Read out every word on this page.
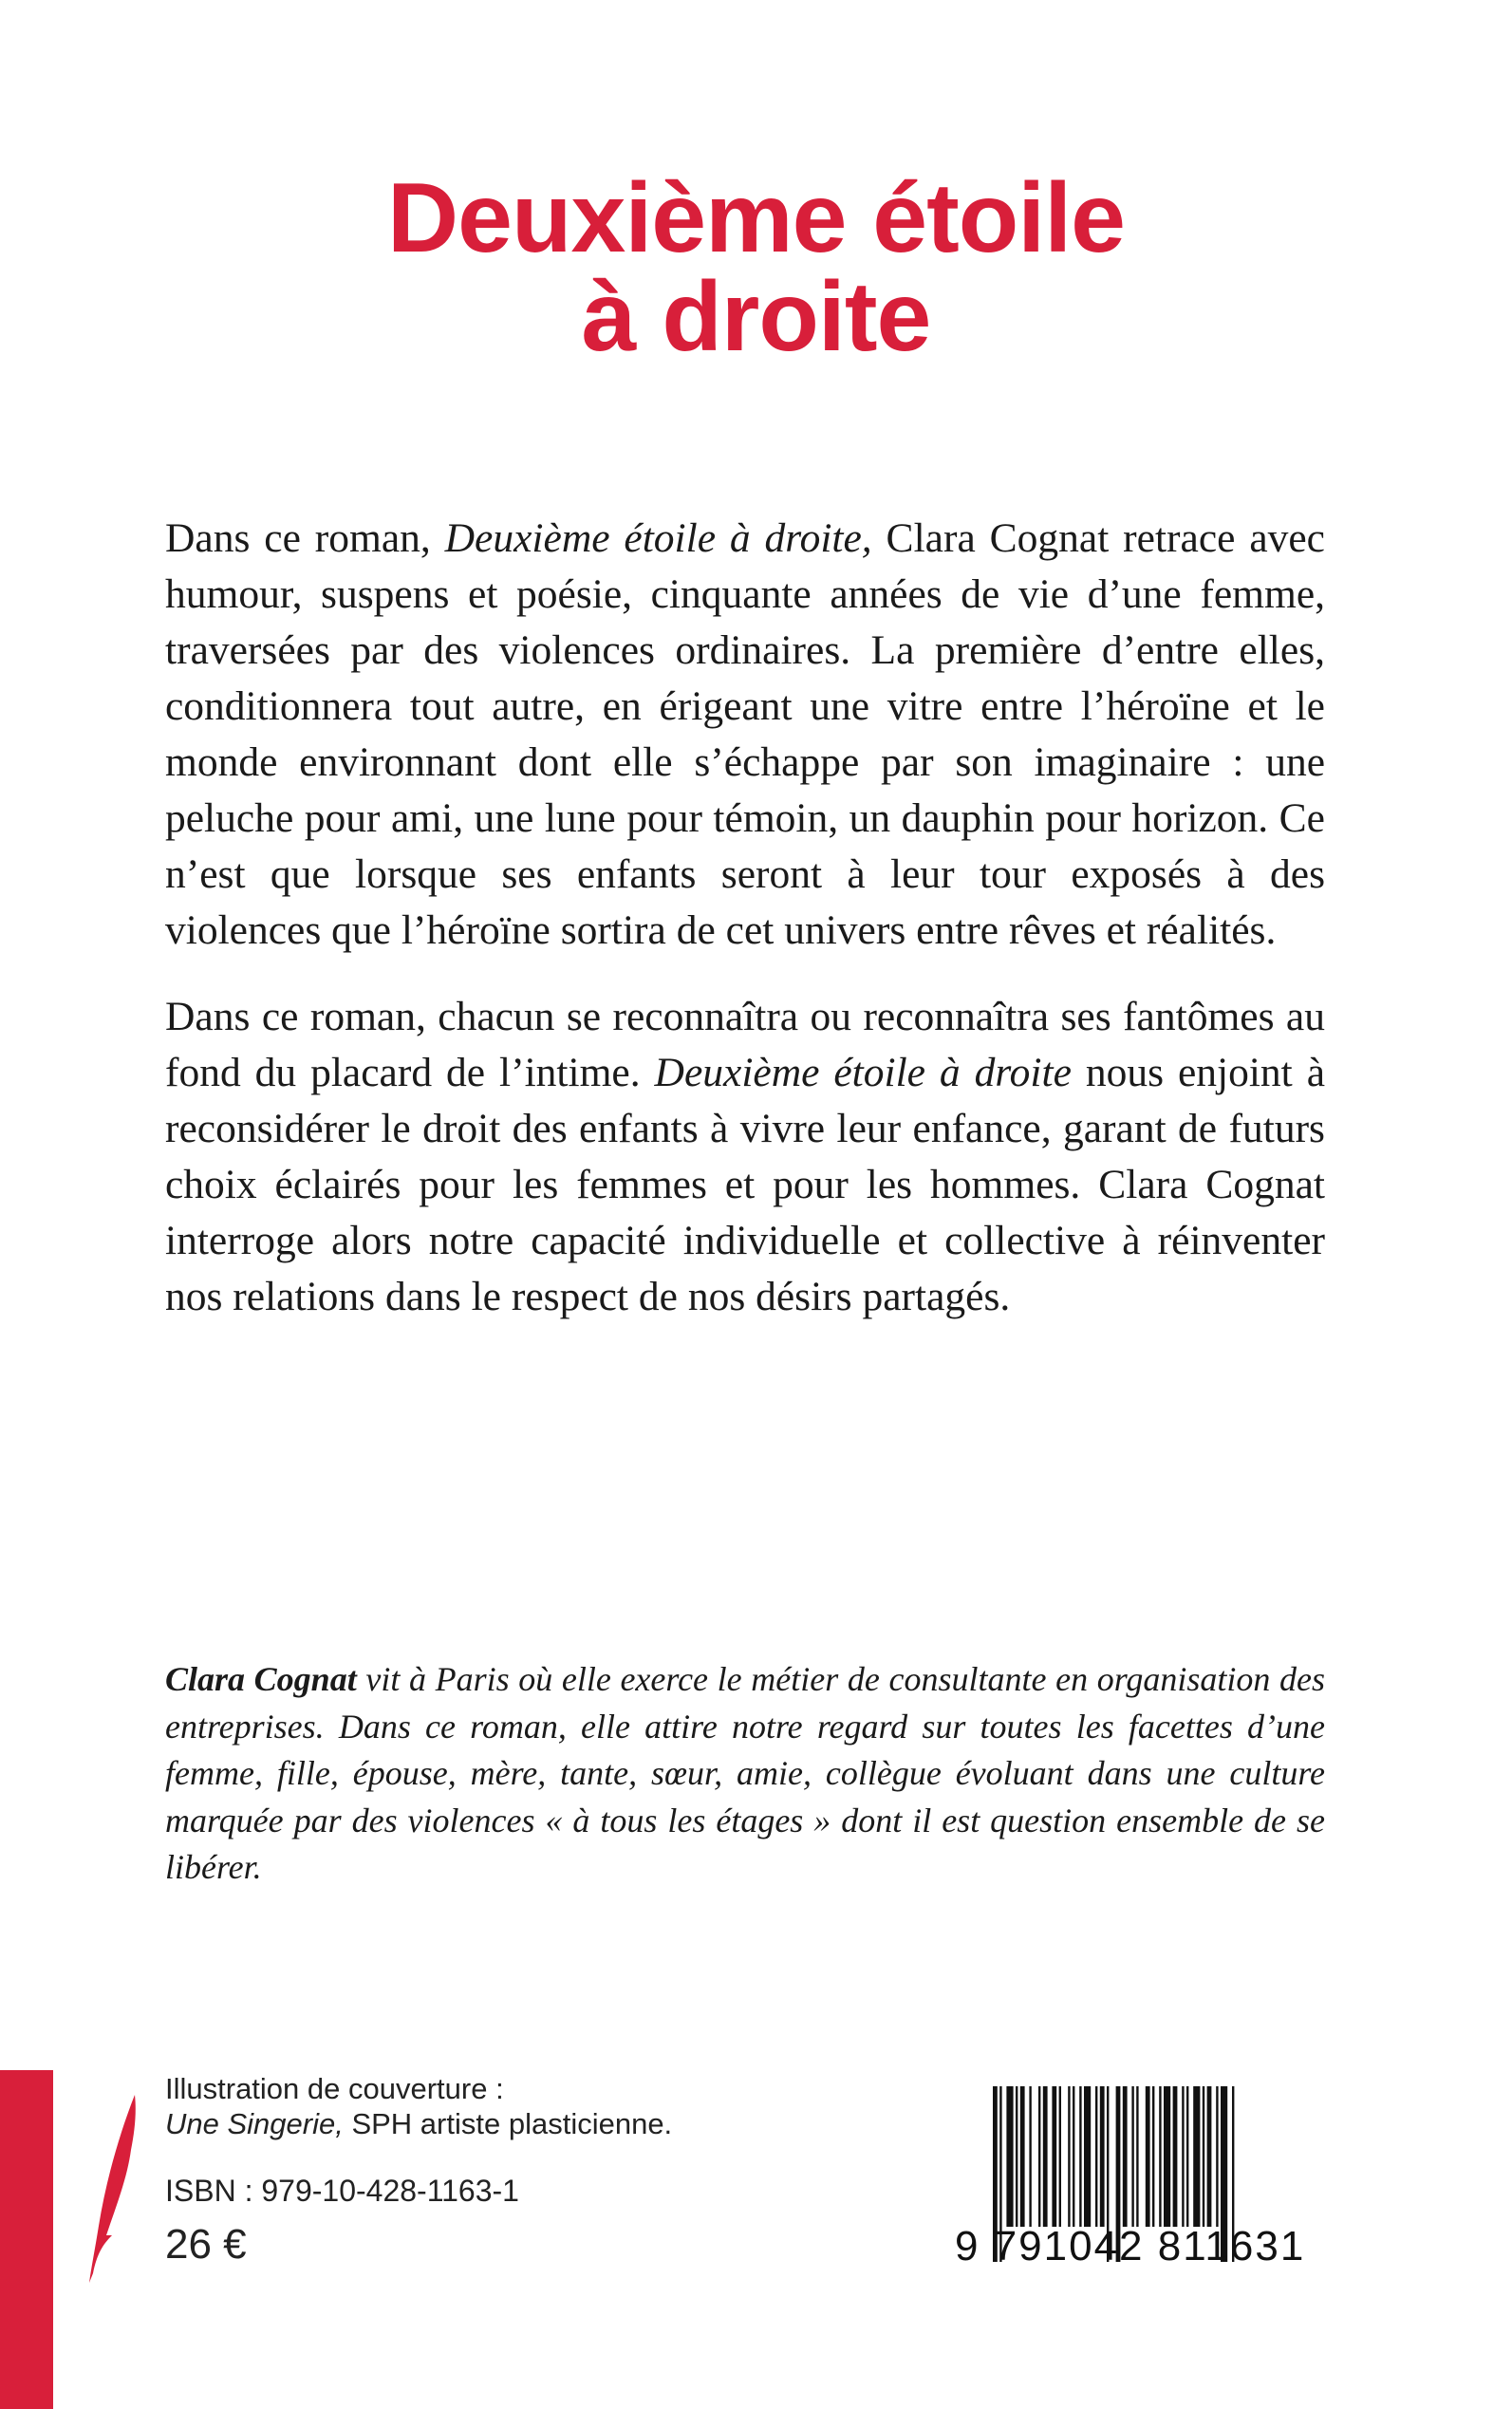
Deuxième étoile
à droite

Dans ce roman, Deuxième étoile à droite, Clara Cognat retrace avec humour, suspens et poésie, cinquante années de vie d’une femme, traversées par des violences ordinaires. La première d’entre elles, conditionnera tout autre, en érigeant une vitre entre l’héroïne et le monde environnant dont elle s’échappe par son imaginaire : une peluche pour ami, une lune pour témoin, un dauphin pour horizon. Ce n’est que lorsque ses enfants seront à leur tour exposés à des violences que l’héroïne sortira de cet univers entre rêves et réalités.

Dans ce roman, chacun se reconnaîtra ou reconnaîtra ses fantômes au fond du placard de l’intime. Deuxième étoile à droite nous enjoint à reconsidérer le droit des enfants à vivre leur enfance, garant de futurs choix éclairés pour les femmes et pour les hommes. Clara Cognat interroge alors notre capacité individuelle et collective à réinventer nos relations dans le respect de nos désirs partagés.

Clara Cognat vit à Paris où elle exerce le métier de consultante en organisation des entreprises. Dans ce roman, elle attire notre regard sur toutes les facettes d’une femme, fille, épouse, mère, tante, sœur, amie, collègue évoluant dans une culture marquée par des violences « à tous les étages » dont il est question ensemble de se libérer.
Illustration de couverture :
Une Singerie, SPH artiste plasticienne.
ISBN : 979-10-428-1163-1
26 €	9 791042 811631
